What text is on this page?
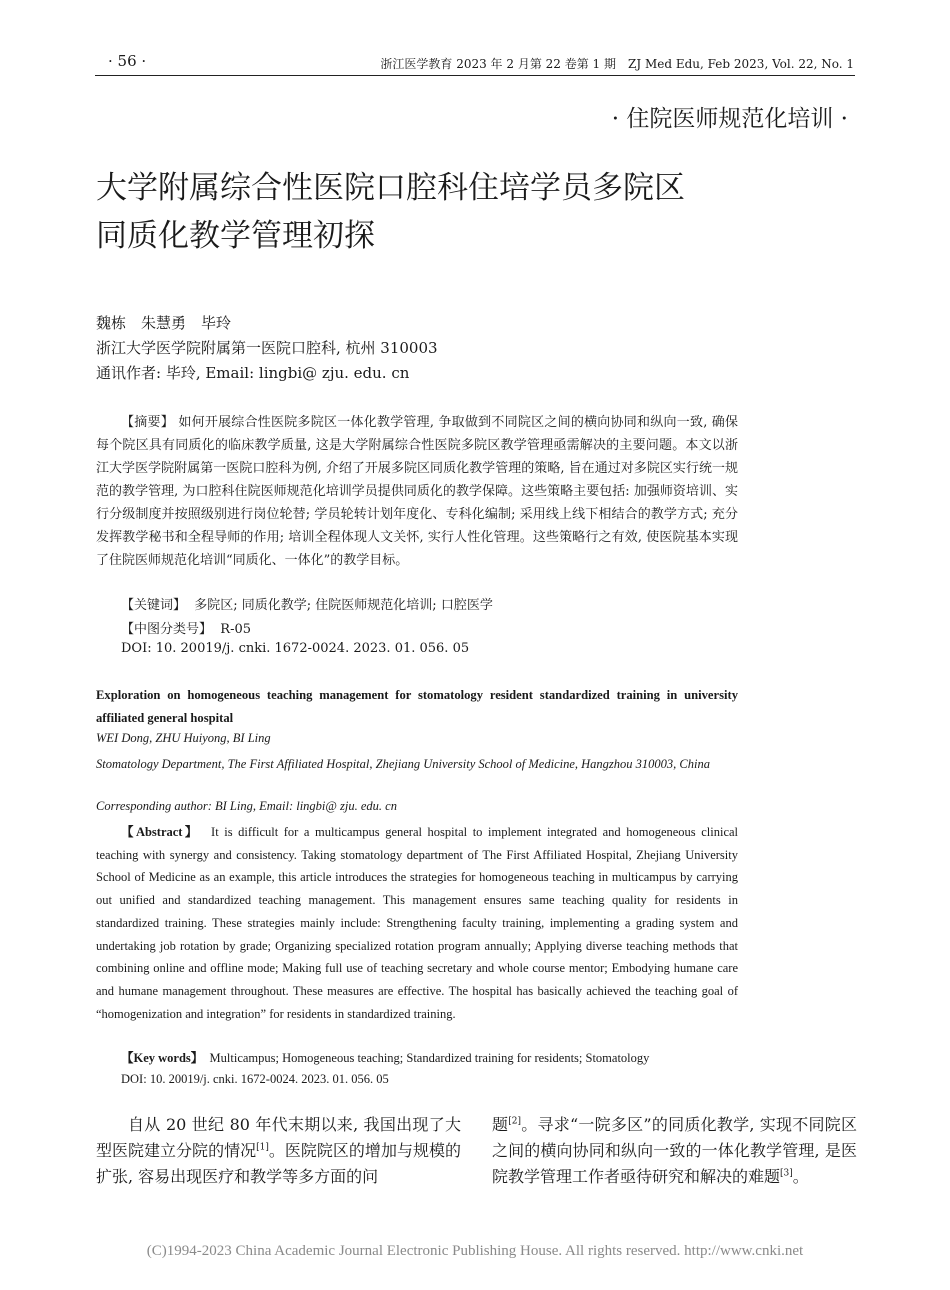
· 56 ·	浙江医学教育 2023 年 2 月第 22 卷第 1 期　ZJ Med Edu, Feb 2023, Vol. 22, No. 1
· 住院医师规范化培训 ·
大学附属综合性医院口腔科住培学员多院区
同质化教学管理初探
魏栋　朱慧勇　毕玲
浙江大学医学院附属第一医院口腔科, 杭州 310003
通讯作者: 毕玲, Email: lingbi@ zju. edu. cn
【摘要】 如何开展综合性医院多院区一体化教学管理, 争取做到不同院区之间的横向协同和纵向一致, 确保每个院区具有同质化的临床教学质量, 这是大学附属综合性医院多院区教学管理亟需解决的主要问题。本文以浙江大学医学院附属第一医院口腔科为例, 介绍了开展多院区同质化教学管理的策略, 旨在通过对多院区实行统一规范的教学管理, 为口腔科住院医师规范化培训学员提供同质化的教学保障。这些策略主要包括: 加强师资培训、实行分级制度并按照级别进行岗位轮替; 学员轮转计划年度化、专科化编制; 采用线上线下相结合的教学方式; 充分发挥教学秘书和全程导师的作用; 培训全程体现人文关怀, 实行人性化管理。这些策略行之有效, 使医院基本实现了住院医师规范化培训“同质化、一体化”的教学目标。
【关键词】 多院区; 同质化教学; 住院医师规范化培训; 口腔医学
【中图分类号】 R-05
DOI: 10. 20019/j. cnki. 1672-0024. 2023. 01. 056. 05
Exploration on homogeneous teaching management for stomatology resident standardized training in university affiliated general hospital
WEI Dong, ZHU Huiyong, BI Ling
Stomatology Department, The First Affiliated Hospital, Zhejiang University School of Medicine, Hangzhou 310003, China
Corresponding author: BI Ling, Email: lingbi@ zju. edu. cn
【Abstract】 It is difficult for a multicampus general hospital to implement integrated and homogeneous clinical teaching with synergy and consistency. Taking stomatology department of The First Affiliated Hospital, Zhejiang University School of Medicine as an example, this article introduces the strategies for homogeneous teaching in multicampus by carrying out unified and standardized teaching management. This management ensures same teaching quality for residents in standardized training. These strategies mainly include: Strengthening faculty training, implementing a grading system and undertaking job rotation by grade; Organizing specialized rotation program annually; Applying diverse teaching methods that combining online and offline mode; Making full use of teaching secretary and whole course mentor; Embodying humane care and humane management throughout. These measures are effective. The hospital has basically achieved the teaching goal of “homogenization and integration” for residents in standardized training.
【Key words】 Multicampus; Homogeneous teaching; Standardized training for residents; Stomatology
DOI: 10. 20019/j. cnki. 1672-0024. 2023. 01. 056. 05

自从 20 世纪 80 年代末期以来, 我国出现了大型医院建立分院的情况[1]。医院院区的增加与规模的扩张, 容易出现医疗和教学等多方面的问

题[2]。寻求“一院多区”的同质化教学, 实现不同院区之间的横向协同和纵向一致的一体化教学管理, 是医院教学管理工作者亟待研究和解决的难题[3]。

(C)1994-2023 China Academic Journal Electronic Publishing House. All rights reserved. http://www.cnki.net
